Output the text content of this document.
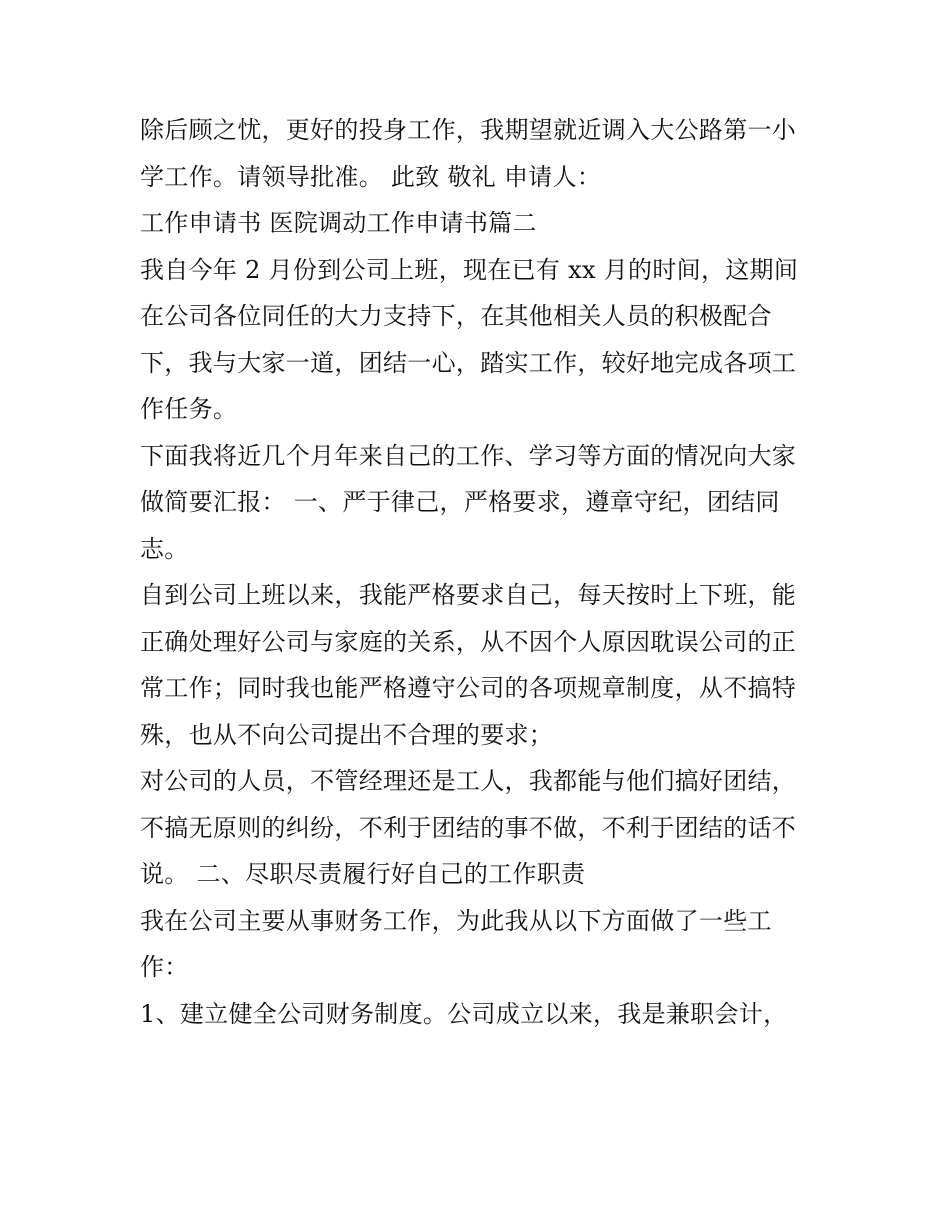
除后顾之忧，更好的投身工作，我期望就近调入大公路第一小
学工作。请领导批准。 此致 敬礼 申请人：
工作申请书 医院调动工作申请书篇二
我自今年 2 月份到公司上班，现在已有 xx 月的时间，这期间
在公司各位同任的大力支持下，在其他相关人员的积极配合
下，我与大家一道，团结一心，踏实工作，较好地完成各项工
作任务。
下面我将近几个月年来自己的工作、学习等方面的情况向大家
做简要汇报： 一、严于律己，严格要求，遵章守纪，团结同
志。
自到公司上班以来，我能严格要求自己，每天按时上下班，能
正确处理好公司与家庭的关系，从不因个人原因耽误公司的正
常工作；同时我也能严格遵守公司的各项规章制度，从不搞特
殊，也从不向公司提出不合理的要求；
对公司的人员，不管经理还是工人，我都能与他们搞好团结，
不搞无原则的纠纷，不利于团结的事不做，不利于团结的话不
说。 二、尽职尽责履行好自己的工作职责
我在公司主要从事财务工作，为此我从以下方面做了一些工
作：
1、建立健全公司财务制度。公司成立以来，我是兼职会计，
